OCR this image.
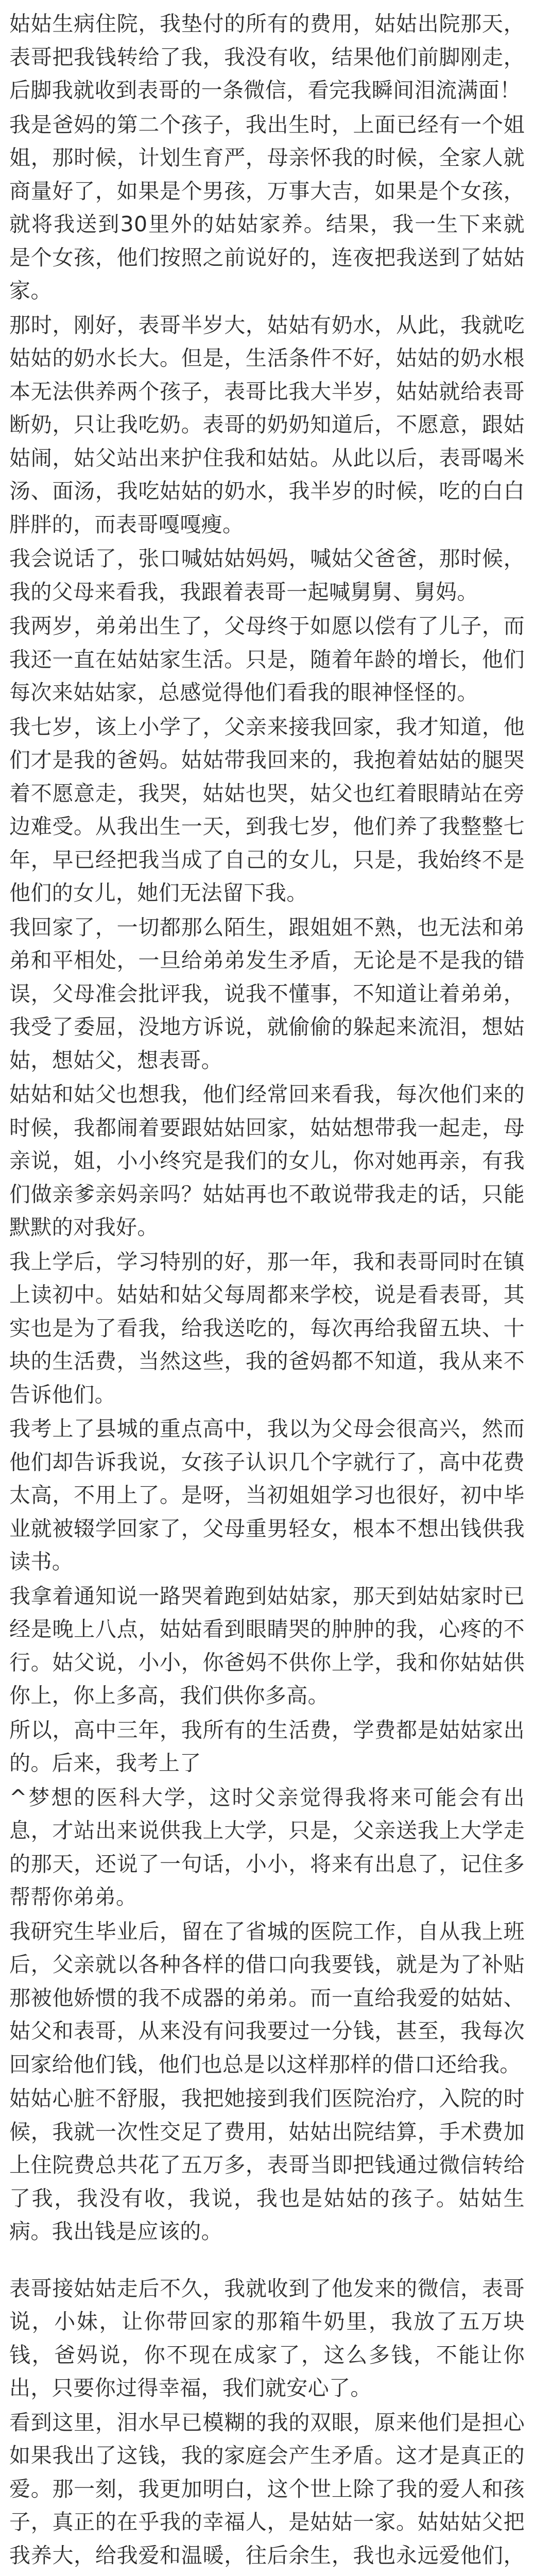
姑姑生病住院，我垫付的所有的费用，姑姑出院那天，表哥把我钱转给了我，我没有收，结果他们前脚刚走，后脚我就收到表哥的一条微信，看完我瞬间泪流满面！

我是爸妈的第二个孩子，我出生时，上面已经有一个姐姐，那时候，计划生育严，母亲怀我的时候，全家人就商量好了，如果是个男孩，万事大吉，如果是个女孩，就将我送到30里外的姑姑家养。结果，我一生下来就是个女孩，他们按照之前说好的，连夜把我送到了姑姑家。

那时，刚好，表哥半岁大，姑姑有奶水，从此，我就吃姑姑的奶水长大。但是，生活条件不好，姑姑的奶水根本无法供养两个孩子，表哥比我大半岁，姑姑就给表哥断奶，只让我吃奶。表哥的奶奶知道后，不愿意，跟姑姑闹，姑父站出来护住我和姑姑。从此以后，表哥喝米汤、面汤，我吃姑姑的奶水，我半岁的时候，吃的白白胖胖的，而表哥嘎嘎瘦。

我会说话了，张口喊姑姑妈妈，喊姑父爸爸，那时候，我的父母来看我，我跟着表哥一起喊舅舅、舅妈。

我两岁，弟弟出生了，父母终于如愿以偿有了儿子，而我还一直在姑姑家生活。只是，随着年龄的增长，他们每次来姑姑家，总感觉得他们看我的眼神怪怪的。

我七岁，该上小学了，父亲来接我回家，我才知道，他们才是我的爸妈。姑姑带我回来的，我抱着姑姑的腿哭着不愿意走，我哭，姑姑也哭，姑父也红着眼睛站在旁边难受。从我出生一天，到我七岁，他们养了我整整七年，早已经把我当成了自己的女儿，只是，我始终不是他们的女儿，她们无法留下我。

我回家了，一切都那么陌生，跟姐姐不熟，也无法和弟弟和平相处，一旦给弟弟发生矛盾，无论是不是我的错误，父母准会批评我，说我不懂事，不知道让着弟弟，我受了委屈，没地方诉说，就偷偷的躲起来流泪，想姑姑，想姑父，想表哥。

姑姑和姑父也想我，他们经常回来看我，每次他们来的时候，我都闹着要跟姑姑回家，姑姑想带我一起走，母亲说，姐，小小终究是我们的女儿，你对她再亲，有我们做亲爹亲妈亲吗？姑姑再也不敢说带我走的话，只能默默的对我好。

我上学后，学习特别的好，那一年，我和表哥同时在镇上读初中。姑姑和姑父每周都来学校，说是看表哥，其实也是为了看我，给我送吃的，每次再给我留五块、十块的生活费，当然这些，我的爸妈都不知道，我从来不告诉他们。

我考上了县城的重点高中，我以为父母会很高兴，然而他们却告诉我说，女孩子认识几个字就行了，高中花费太高，不用上了。是呀，当初姐姐学习也很好，初中毕业就被辍学回家了，父母重男轻女，根本不想出钱供我读书。

我拿着通知说一路哭着跑到姑姑家，那天到姑姑家时已经是晚上八点，姑姑看到眼睛哭的肿肿的我，心疼的不行。姑父说，小小，你爸妈不供你上学，我和你姑姑供你上，你上多高，我们供你多高。

所以，高中三年，我所有的生活费，学费都是姑姑家出的。后来，我考上了

^梦想的医科大学，这时父亲觉得我将来可能会有出息，才站出来说供我上大学，只是，父亲送我上大学走的那天，还说了一句话，小小，将来有出息了，记住多帮帮你弟弟。

我研究生毕业后，留在了省城的医院工作，自从我上班后，父亲就以各种各样的借口向我要钱，就是为了补贴那被他娇惯的我不成器的弟弟。而一直给我爱的姑姑、姑父和表哥，从来没有问我要过一分钱，甚至，我每次回家给他们钱，他们也总是以这样那样的借口还给我。

姑姑心脏不舒服，我把她接到我们医院治疗，入院的时候，我就一次性交足了费用，姑姑出院结算，手术费加上住院费总共花了五万多，表哥当即把钱通过微信转给了我，我没有收，我说，我也是姑姑的孩子。姑姑生病。我出钱是应该的。

表哥接姑姑走后不久，我就收到了他发来的微信，表哥说，小妹，让你带回家的那箱牛奶里，我放了五万块钱，爸妈说，你不现在成家了，这么多钱，不能让你出，只要你过得幸福，我们就安心了。

看到这里，泪水早已模糊的我的双眼，原来他们是担心如果我出了这钱，我的家庭会产生矛盾。这才是真正的爱。那一刻，我更加明白，这个世上除了我的爱人和孩子，真正的在乎我的幸福人，是姑姑一家。姑姑姑父把我养大，给我爱和温暖，往后余生，我也永远爱他们，
